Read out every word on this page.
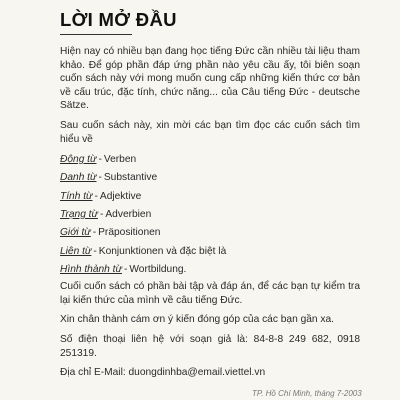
LỜI MỞ ĐẦU

Hiện nay có nhiều bạn đang học tiếng Đức cần nhiều tài liệu tham khảo. Để góp phần đáp ứng phần nào yêu cầu ấy, tôi biên soạn cuốn sách này với mong muốn cung cấp những kiến thức cơ bản về cấu trúc, đặc tính, chức năng... của Câu tiếng Đức - deutsche Sätze.

Sau cuốn sách này, xin mời các bạn tìm đọc các cuốn sách tìm hiểu về

Động từ - Verben
Danh từ - Substantive
Tính từ - Adjektive
Trạng từ - Adverbien
Giới từ - Präpositionen
Liên từ - Konjunktionen và đặc biệt là
Hình thành từ - Wortbildung.

Cuối cuốn sách có phần bài tập và đáp án, để các bạn tự kiểm tra lại kiến thức của mình về câu tiếng Đức.

Xin chân thành cám ơn ý kiến đóng góp của các bạn gần xa.

Số điện thoại liên hệ với soạn giả là: 84-8-8 249 682, 0918 251319.

Địa chỉ E-Mail: duongdinhba@email.viettel.vn

TP. Hồ Chí Minh, tháng 7-2003
